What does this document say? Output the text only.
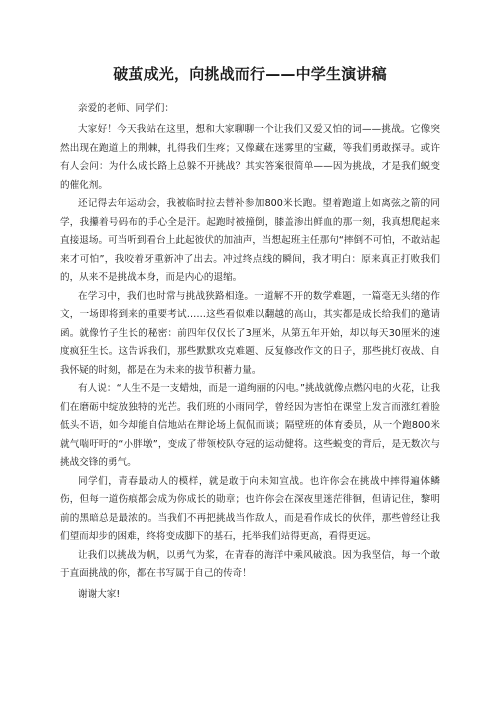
破茧成光，向挑战而行——中学生演讲稿

亲爱的老师、同学们：

大家好！今天我站在这里，想和大家聊聊一个让我们又爱又怕的词——挑战。它像突然出现在跑道上的荆棘，扎得我们生疼；又像藏在迷雾里的宝藏，等我们勇敢探寻。或许有人会问：为什么成长路上总躲不开挑战？其实答案很简单——因为挑战，才是我们蜕变的催化剂。

还记得去年运动会，我被临时拉去替补参加800米长跑。望着跑道上如离弦之箭的同学，我攥着号码布的手心全是汗。起跑时被撞倒，膝盖渗出鲜血的那一刻，我真想爬起来直接退场。可当听到看台上此起彼伏的加油声，当想起班主任那句“摔倒不可怕，不敢站起来才可怕”，我咬着牙重新冲了出去。冲过终点线的瞬间，我才明白：原来真正打败我们的，从来不是挑战本身，而是内心的退缩。

在学习中，我们也时常与挑战狭路相逢。一道解不开的数学难题，一篇毫无头绪的作文，一场即将到来的重要考试……这些看似难以翻越的高山，其实都是成长给我们的邀请函。就像竹子生长的秘密：前四年仅仅长了3厘米，从第五年开始，却以每天30厘米的速度疯狂生长。这告诉我们，那些默默攻克难题、反复修改作文的日子，那些挑灯夜战、自我怀疑的时刻，都是在为未来的拔节积蓄力量。

有人说：“人生不是一支蜡烛，而是一道绚丽的闪电。”挑战就像点燃闪电的火花，让我们在磨砺中绽放独特的光芒。我们班的小雨同学，曾经因为害怕在课堂上发言而涨红着脸低头不语，如今却能自信地站在辩论场上侃侃而谈；隔壁班的体育委员，从一个跑800米就气喘吁吁的“小胖墩”，变成了带领校队夺冠的运动健将。这些蜕变的背后，是无数次与挑战交锋的勇气。

同学们，青春最动人的模样，就是敢于向未知宣战。也许你会在挑战中摔得遍体鳞伤，但每一道伤痕都会成为你成长的勋章；也许你会在深夜里迷茫徘徊，但请记住，黎明前的黑暗总是最浓的。当我们不再把挑战当作敌人，而是看作成长的伙伴，那些曾经让我们望而却步的困难，终将变成脚下的基石，托举我们站得更高，看得更远。

让我们以挑战为帆，以勇气为桨，在青春的海洋中乘风破浪。因为我坚信，每一个敢于直面挑战的你，都在书写属于自己的传奇！

谢谢大家!
